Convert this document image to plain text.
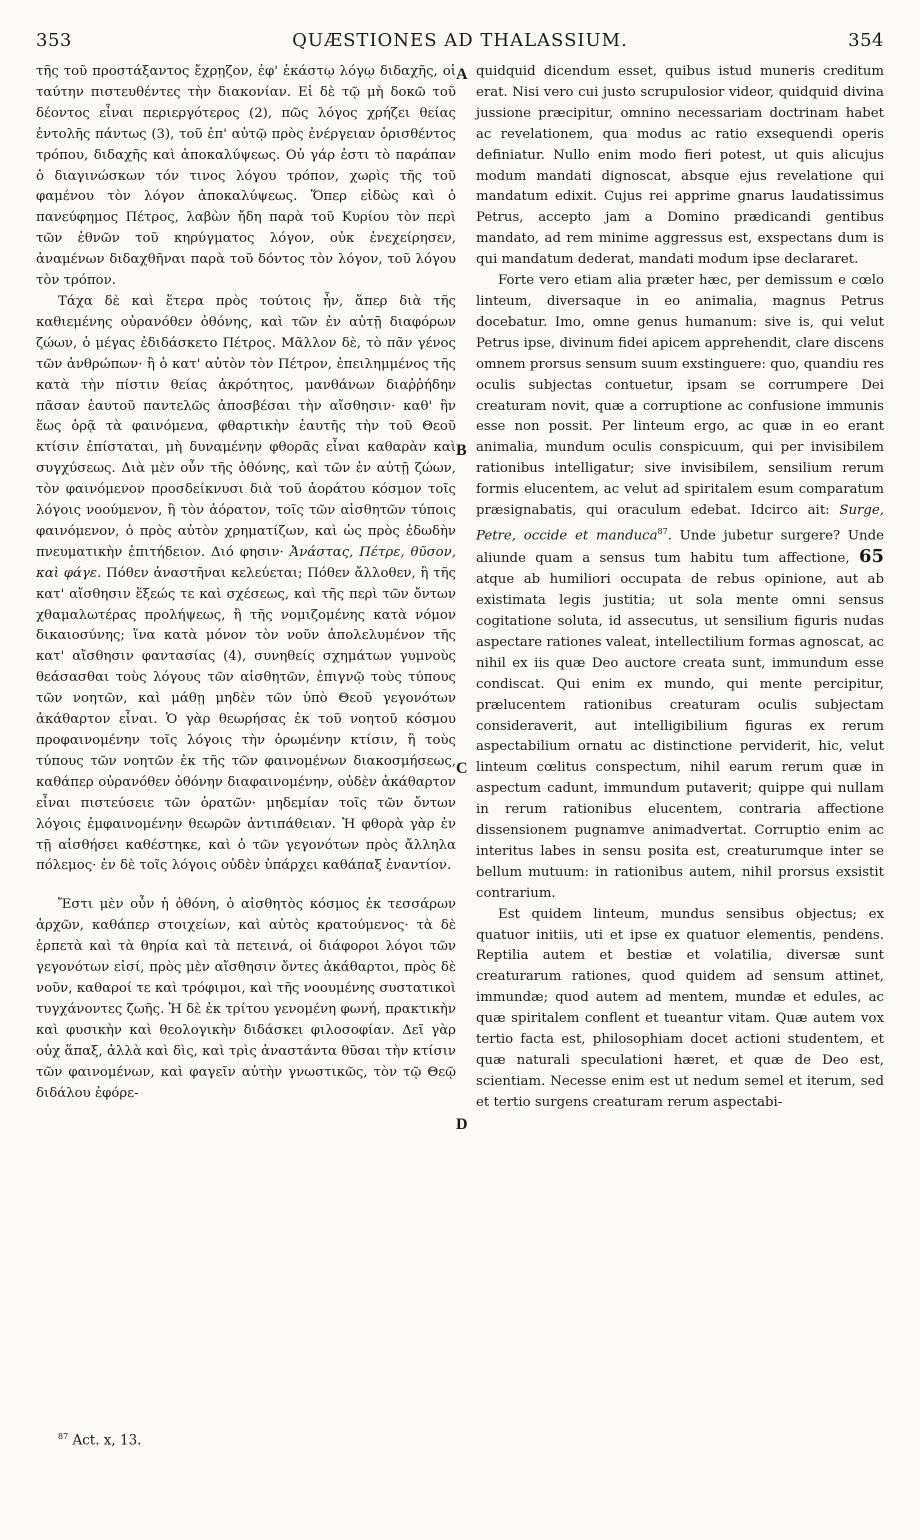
353	QUÆSTIONES AD THALASSIUM.	354

τῆς τοῦ προστάξαντος ἔχρῃζον, ἐφ' ἑκάστῳ λόγῳ διδαχῆς, οἱ ταύτην πιστευθέντες τὴν διακονίαν. Εἰ δὲ τῷ μὴ δοκῶ τοῦ δέοντος εἶναι περιεργότερος (2), πῶς λόγος χρήζει θείας ἐντολῆς πάντως (3), τοῦ ἐπ' αὐτῷ πρὸς ἐνέργειαν ὁρισθέντος τρόπου, διδαχῆς καὶ ἀποκαλύψεως. Οὐ γάρ ἐστι τὸ παράπαν ὁ διαγινώσκων τόν τινος λόγου τρόπον, χωρὶς τῆς τοῦ φαμένου τὸν λόγον ἀποκαλύψεως. Ὅπερ εἰδὼς καὶ ὁ πανεύφημος Πέτρος, λαβὼν ἤδη παρὰ τοῦ Κυρίου τὸν περὶ τῶν ἐθνῶν τοῦ κηρύγματος λόγον, οὐκ ἐνεχείρησεν, ἀναμένων διδαχθῆναι παρὰ τοῦ δόντος τὸν λόγον, τοῦ λόγου τὸν τρόπον.

Τάχα δὲ καὶ ἕτερα πρὸς τούτοις ἦν, ἅπερ διὰ τῆς καθιεμένης οὐρανόθεν ὀθόνης, καὶ τῶν ἐν αὐτῇ διαφόρων ζώων, ὁ μέγας ἐδιδάσκετο Πέτρος. Μᾶλλον δὲ, τὸ πᾶν γένος τῶν ἀνθρώπων· ἢ ὁ κατ' αὐτὸν τὸν Πέτρον, ἐπειλημμένος τῆς κατὰ τὴν πίστιν θείας ἀκρότητος, μανθάνων διαῤῥήδην πᾶσαν ἑαυτοῦ παντελῶς ἀποσβέσαι τὴν αἴσθησιν· καθ' ἣν ἕως ὁρᾷ τὰ φαινόμενα, φθαρτικὴν ἑαυτῆς τὴν τοῦ Θεοῦ κτίσιν ἐπίσταται, μὴ δυναμένην φθορᾶς εἶναι καθαρὰν καὶ συγχύσεως. Διὰ μὲν οὖν τῆς ὀθόνης, καὶ τῶν ἐν αὐτῇ ζώων, τὸν φαινόμενον προσδείκνυσι διὰ τοῦ ἀοράτου κόσμον τοῖς λόγοις νοούμενον, ἢ τὸν ἀόρατον, τοῖς τῶν αἰσθητῶν τύποις φαινόμενον, ὁ πρὸς αὐτὸν χρηματίζων, καὶ ὡς πρὸς ἐδωδὴν πνευματικὴν ἐπιτήδειον. Διό φησιν· Ἀνάστας, Πέτρε, θῦσον, καὶ φάγε. Πόθεν ἀναστῆναι κελεύεται; Πόθεν ἄλλοθεν, ἢ τῆς κατ' αἴσθησιν ἕξεώς τε καὶ σχέσεως, καὶ τῆς περὶ τῶν ὄντων χθαμαλωτέρας προλήψεως, ἢ τῆς νομιζομένης κατὰ νόμον δικαιοσύνης; ἵνα κατὰ μόνον τὸν νοῦν ἀπολελυμένον τῆς κατ' αἴσθησιν φαντασίας (4), συνηθείς σχημάτων γυμνοὺς θεάσασθαι τοὺς λόγους τῶν αἰσθητῶν, ἐπιγνῷ τοὺς τύπους τῶν νοητῶν, καὶ μάθῃ μηδὲν τῶν ὑπὸ Θεοῦ γεγονότων ἀκάθαρτον εἶναι. Ὁ γὰρ θεωρήσας ἐκ τοῦ νοητοῦ κόσμου προφαινομένην τοῖς λόγοις τὴν ὁρωμένην κτίσιν, ἢ τοὺς τύπους τῶν νοητῶν ἐκ τῆς τῶν φαινομένων διακοσμήσεως, καθάπερ οὐρανόθεν ὀθόνην διαφαινομένην, οὐδὲν ἀκάθαρτον εἶναι πιστεύσειε τῶν ὁρατῶν· μηδεμίαν τοῖς τῶν ὄντων λόγοις ἐμφαινομένην θεωρῶν ἀντιπάθειαν. Ἡ φθορὰ γὰρ ἐν τῇ αἰσθήσει καθέστηκε, καὶ ὁ τῶν γεγονότων πρὸς ἄλληλα πόλεμος· ἐν δὲ τοῖς λόγοις οὐδὲν ὑπάρχει καθάπαξ ἐναντίον.

Ἔστι μὲν οὖν ἡ ὀθόνη, ὁ αἰσθητὸς κόσμος ἐκ τεσσάρων ἀρχῶν, καθάπερ στοιχείων, καὶ αὐτὸς κρατούμενος· τὰ δὲ ἑρπετὰ καὶ τὰ θηρία καὶ τὰ πετεινά, οἱ διάφοροι λόγοι τῶν γεγονότων εἰσί, πρὸς μὲν αἴσθησιν ὄντες ἀκάθαρτοι, πρὸς δὲ νοῦν, καθαροί τε καὶ τρόφιμοι, καὶ τῆς νοουμένης συστατικοὶ τυγχάνοντες ζωῆς. Ἡ δὲ ἐκ τρίτου γενομένη φωνή, πρακτικὴν καὶ φυσικὴν καὶ θεολογικὴν διδάσκει φιλοσοφίαν. Δεῖ γὰρ οὐχ ἅπαξ, ἀλλὰ καὶ δὶς, καὶ τρὶς ἀναστάντα θῦσαι τὴν κτίσιν τῶν φαινομένων, καὶ φαγεῖν αὐτὴν γνωστικῶς, τὸν τῷ Θεῷ διδάλου ἐφόρε-

A
B
C
D

quidquid dicendum esset, quibus istud muneris creditum erat. Nisi vero cui justo scrupulosior videor, quidquid divina jussione præcipitur, omnino necessariam doctrinam habet ac revelationem, qua modus ac ratio exsequendi operis definiatur. Nullo enim modo fieri potest, ut quis alicujus modum mandati dignoscat, absque ejus revelatione qui mandatum edixit. Cujus rei apprime gnarus laudatissimus Petrus, accepto jam a Domino prædicandi gentibus mandato, ad rem minime aggressus est, exspectans dum is qui mandatum dederat, mandati modum ipse declararet.

Forte vero etiam alia præter hæc, per demissum e cœlo linteum, diversaque in eo animalia, magnus Petrus docebatur. Imo, omne genus humanum: sive is, qui velut Petrus ipse, divinum fidei apicem apprehendit, clare discens omnem prorsus sensum suum exstinguere: quo, quandiu res oculis subjectas contuetur, ipsam se corrumpere Dei creaturam novit, quæ a corruptione ac confusione immunis esse non possit. Per linteum ergo, ac quæ in eo erant animalia, mundum oculis conspicuum, qui per invisibilem rationibus intelligatur; sive invisibilem, sensilium rerum formis elucentem, ac velut ad spiritalem esum comparatum præsignabatis, qui oraculum edebat. Idcirco ait: Surge, Petre, occide et manduca$^{87}$. Unde jubetur surgere? Unde aliunde quam a sensus tum habitu tum affectione, 65 atque ab humiliori occupata de rebus opinione, aut ab existimata legis justitia; ut sola mente omni sensus cogitatione soluta, id assecutus, ut sensilium figuris nudas aspectare rationes valeat, intellectilium formas agnoscat, ac nihil ex iis quæ Deo auctore creata sunt, immundum esse condiscat. Qui enim ex mundo, qui mente percipitur, prælucentem rationibus creaturam oculis subjectam consideraverit, aut intelligibilium figuras ex rerum aspectabilium ornatu ac distinctione perviderit, hic, velut linteum cœlitus conspectum, nihil earum rerum quæ in aspectum cadunt, immundum putaverit; quippe qui nullam in rerum rationibus elucentem, contraria affectione dissensionem pugnamve animadvertat. Corruptio enim ac interitus labes in sensu posita est, creaturumque inter se bellum mutuum: in rationibus autem, nihil prorsus exsistit contrarium.

Est quidem linteum, mundus sensibus objectus; ex quatuor initiis, uti et ipse ex quatuor elementis, pendens. Reptilia autem et bestiæ et volatilia, diversæ sunt creaturarum rationes, quod quidem ad sensum attinet, immundæ; quod autem ad mentem, mundæ et edules, ac quæ spiritalem conflent et tueantur vitam. Quæ autem vox tertio facta est, philosophiam docet actioni studentem, et quæ naturali speculationi hæret, et quæ de Deo est, scientiam. Necesse enim est ut nedum semel et iterum, sed et tertio surgens creaturam rerum aspectabi-

$^{87}$ Act. x, 13.
